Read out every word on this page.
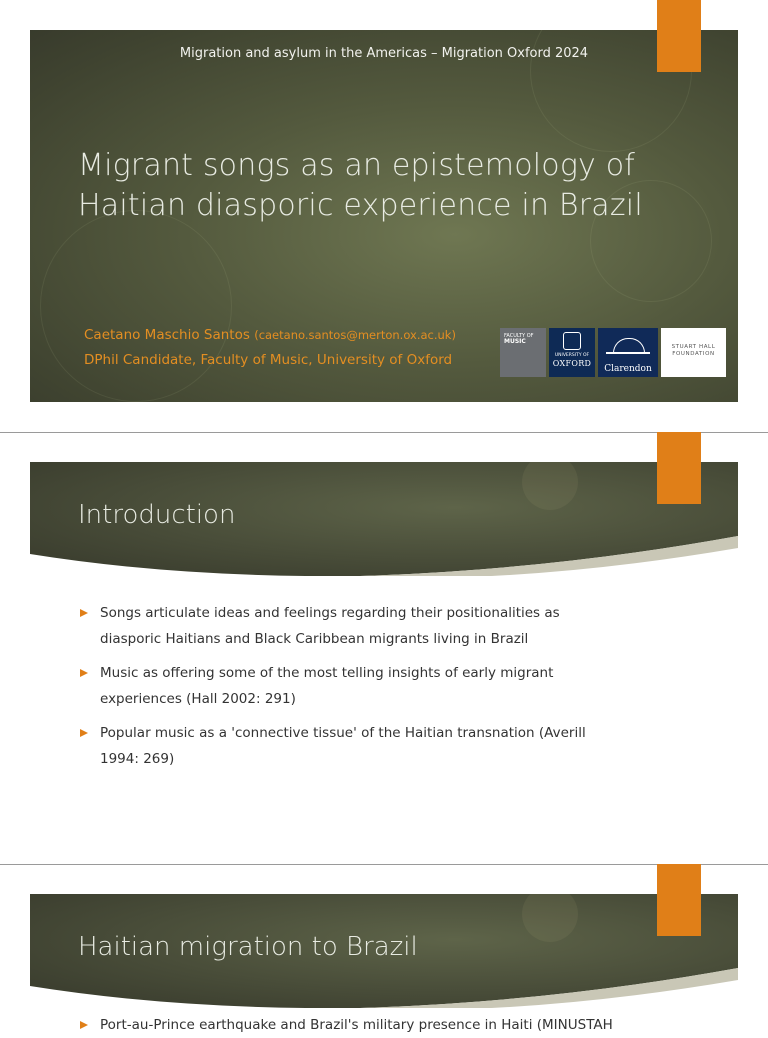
Migration and asylum in the Americas – Migration Oxford 2024
Migrant songs as an epistemology of
Haitian diasporic experience in Brazil
Caetano Maschio Santos (caetano.santos@merton.ox.ac.uk)
DPhil Candidate, Faculty of Music, University of Oxford
FACULTY OF
MUSIC
UNIVERSITY OF
OXFORD
Clarendon
STUART HALL
FOUNDATION
Introduction
Songs articulate ideas and feelings regarding their positionalities as diasporic Haitians and Black Caribbean migrants living in Brazil
Music as offering some of the most telling insights of early migrant experiences (Hall 2002: 291)
Popular music as a 'connective tissue' of the Haitian transnation (Averill 1994: 269)
Haitian migration to Brazil
Port-au-Prince earthquake and Brazil's military presence in Haiti (MINUSTAH
